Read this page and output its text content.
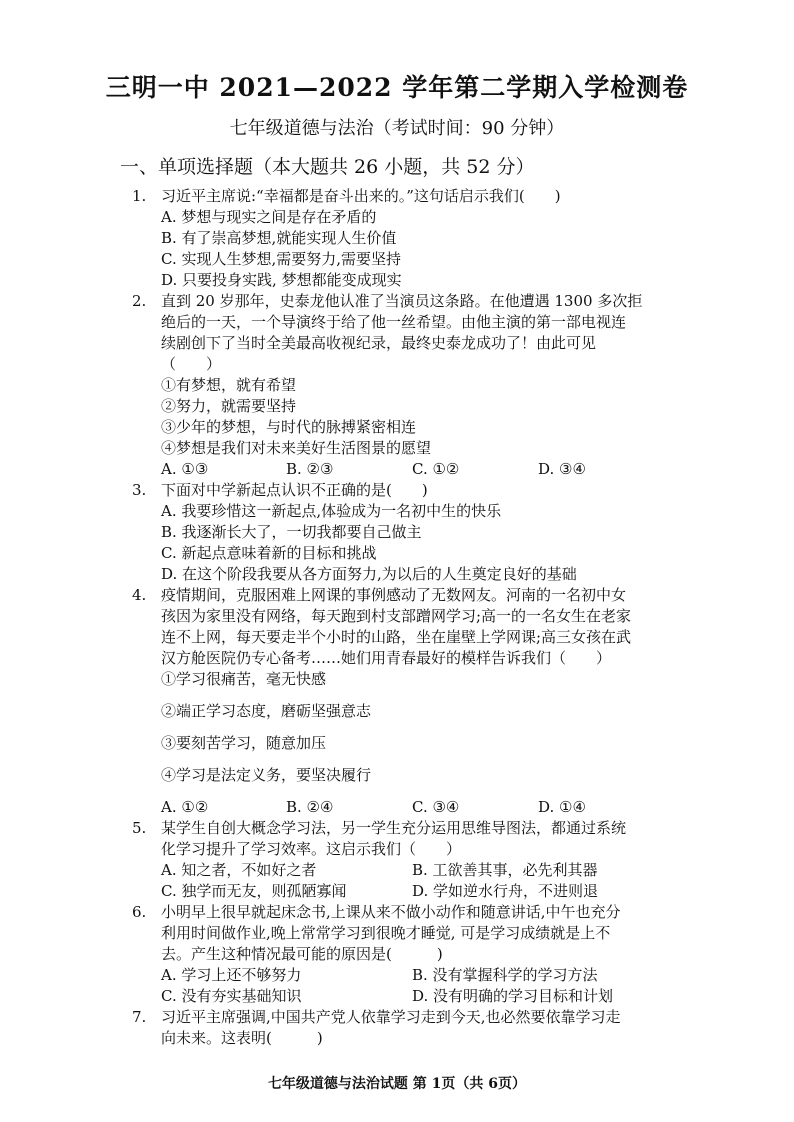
三明一中 2021—2022 学年第二学期入学检测卷
七年级道德与法治（考试时间：90 分钟）
一、单项选择题（本大题共 26 小题，共 52 分）
1. 习近平主席说:“幸福都是奋斗出来的。”这句话启示我们(　　)
A. 梦想与现实之间是存在矛盾的
B. 有了崇高梦想,就能实现人生价值
C. 实现人生梦想,需要努力,需要坚持
D. 只要投身实践, 梦想都能变成现实
2. 直到 20 岁那年，史泰龙他认准了当演员这条路。在他遭遇 1300 多次拒
绝后的一天，一个导演终于给了他一丝希望。由他主演的第一部电视连
续剧创下了当时全美最高收视纪录，最终史泰龙成功了！由此可见
（　　）
①有梦想，就有希望
②努力，就需要坚持
③少年的梦想，与时代的脉搏紧密相连
④梦想是我们对未来美好生活图景的愿望
A. ①③	B. ②③	C. ①②	D. ③④
3. 下面对中学新起点认识不正确的是(　　)
A. 我要珍惜这一新起点,体验成为一名初中生的快乐
B. 我逐渐长大了，一切我都要自己做主
C. 新起点意味着新的目标和挑战
D. 在这个阶段我要从各方面努力,为以后的人生奠定良好的基础
4. 疫情期间，克服困难上网课的事例感动了无数网友。河南的一名初中女
孩因为家里没有网络，每天跑到村支部蹭网学习;高一的一名女生在老家
连不上网，每天要走半个小时的山路，坐在崖壁上学网课;高三女孩在武
汉方舱医院仍专心备考……她们用青春最好的模样告诉我们（　　）
①学习很痛苦，毫无快感
②端正学习态度，磨砺坚强意志
③要刻苦学习，随意加压
④学习是法定义务，要坚决履行
A. ①②	B. ②④	C. ③④	D. ①④
5. 某学生自创大概念学习法，另一学生充分运用思维导图法，都通过系统
化学习提升了学习效率。这启示我们（　　）
A. 知之者，不如好之者	B. 工欲善其事，必先利其器
C. 独学而无友，则孤陋寡闻	D. 学如逆水行舟，不进则退
6. 小明早上很早就起床念书,上课从来不做小动作和随意讲话,中午也充分
利用时间做作业,晚上常常学习到很晚才睡觉, 可是学习成绩就是上不
去。产生这种情况最可能的原因是(　　　)
A. 学习上还不够努力	B. 没有掌握科学的学习方法
C. 没有夯实基础知识	D. 没有明确的学习目标和计划
7. 习近平主席强调,中国共产党人依靠学习走到今天,也必然要依靠学习走
向未来。这表明(　　　)
七年级道德与法治试题 第 1页（共 6页）
